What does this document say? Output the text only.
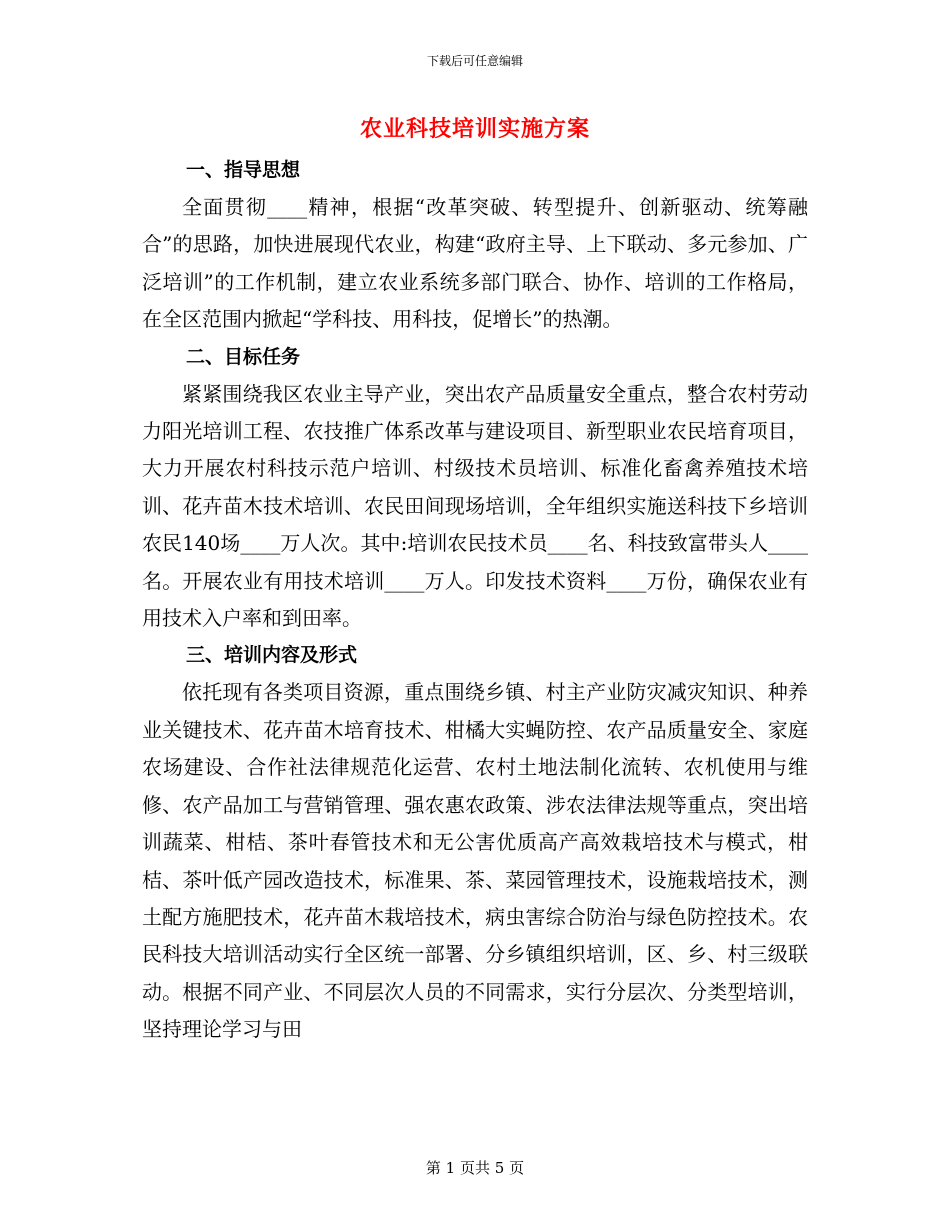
下载后可任意编辑
农业科技培训实施方案
一、指导思想

全面贯彻____精神，根据“改革突破、转型提升、创新驱动、统筹融合”的思路，加快进展现代农业，构建“政府主导、上下联动、多元参加、广泛培训”的工作机制，建立农业系统多部门联合、协作、培训的工作格局，在全区范围内掀起“学科技、用科技，促增长”的热潮。

二、目标任务

紧紧围绕我区农业主导产业，突出农产品质量安全重点，整合农村劳动力阳光培训工程、农技推广体系改革与建设项目、新型职业农民培育项目，大力开展农村科技示范户培训、村级技术员培训、标准化畜禽养殖技术培训、花卉苗木技术培训、农民田间现场培训，全年组织实施送科技下乡培训农民140场____万人次。其中:培训农民技术员____名、科技致富带头人____名。开展农业有用技术培训____万人。印发技术资料____万份，确保农业有用技术入户率和到田率。

三、培训内容及形式

依托现有各类项目资源，重点围绕乡镇、村主产业防灾减灾知识、种养业关键技术、花卉苗木培育技术、柑橘大实蝇防控、农产品质量安全、家庭农场建设、合作社法律规范化运营、农村土地法制化流转、农机使用与维修、农产品加工与营销管理、强农惠农政策、涉农法律法规等重点，突出培训蔬菜、柑桔、茶叶春管技术和无公害优质高产高效栽培技术与模式，柑桔、茶叶低产园改造技术，标准果、茶、菜园管理技术，设施栽培技术，测土配方施肥技术，花卉苗木栽培技术，病虫害综合防治与绿色防控技术。农民科技大培训活动实行全区统一部署、分乡镇组织培训，区、乡、村三级联动。根据不同产业、不同层次人员的不同需求，实行分层次、分类型培训，坚持理论学习与田

第 1 页共 5 页
